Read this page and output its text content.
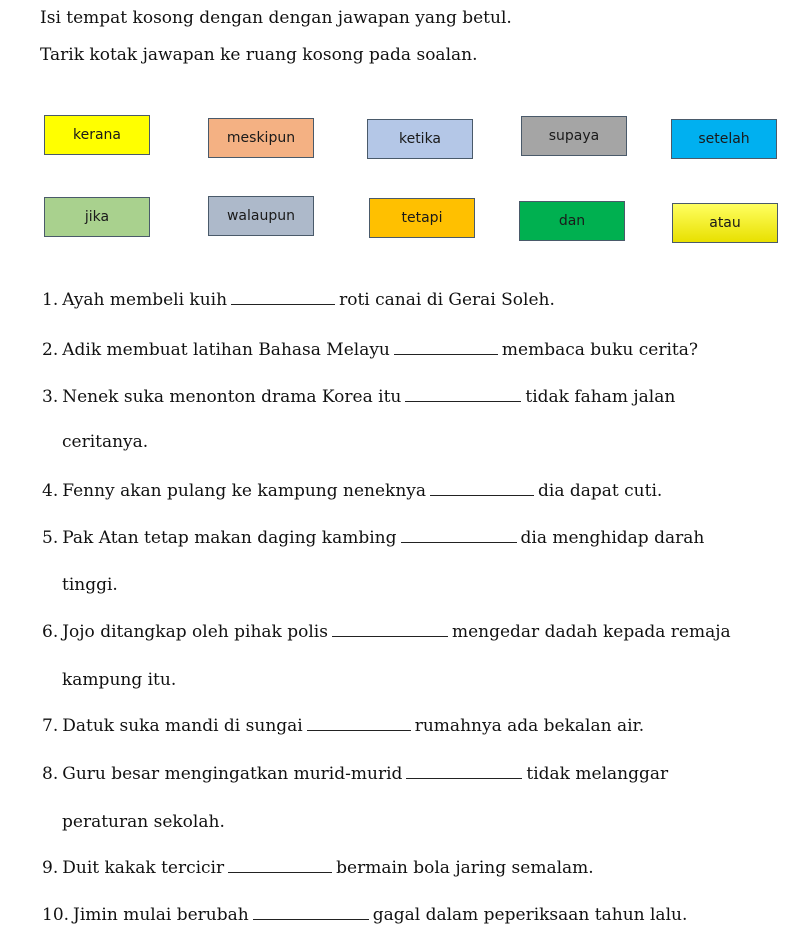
Isi tempat kosong dengan dengan jawapan yang betul.
Tarik kotak jawapan ke ruang kosong pada soalan.
kerana	meskipun	ketika	supaya	setelah
jika	walaupun	tetapi	dan	atau
1. Ayah membeli kuih	roti canai di Gerai Soleh.
2. Adik membuat latihan Bahasa Melayu	membaca buku cerita?
3. Nenek suka menonton drama Korea itu	tidak faham jalan
ceritanya.
4. Fenny akan pulang ke kampung neneknya	dia dapat cuti.
5. Pak Atan tetap makan daging kambing	dia menghidap darah
tinggi.
6. Jojo ditangkap oleh pihak polis	mengedar dadah kepada remaja
kampung itu.
7. Datuk suka mandi di sungai	rumahnya ada bekalan air.
8. Guru besar mengingatkan murid-murid	tidak melanggar
peraturan sekolah.
9. Duit kakak tercicir	bermain bola jaring semalam.
10. Jimin mulai berubah	gagal dalam peperiksaan tahun lalu.
